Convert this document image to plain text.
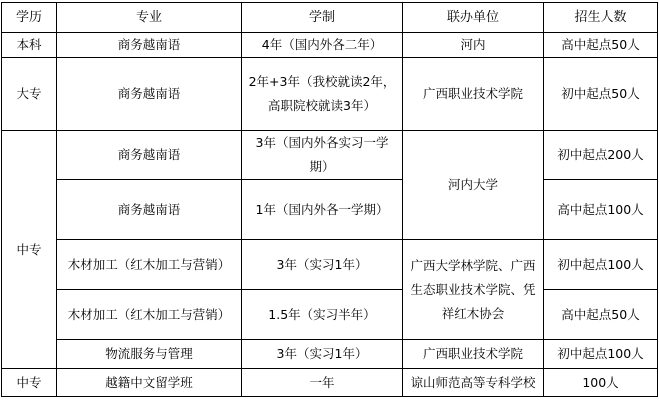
学历	专业	学制	联办单位	招生人数
本科	商务越南语	4年（国内外各二年）	河内	高中起点50人
大专	商务越南语	2年+3年（我校就读2年，高职院校就读3年）	广西职业技术学院	初中起点50人
中专	商务越南语	3年（国内外各实习一学期）	河内大学	初中起点200人
	商务越南语	1年（国内外各一学期）		高中起点100人
	木材加工（红木加工与营销）	3年（实习1年）	广西大学林学院、广西生态职业技术学院、凭祥红木协会	初中起点100人
	木材加工（红木加工与营销）	1.5年（实习半年）		高中起点50人
	物流服务与管理	3年（实习1年）	广西职业技术学院	初中起点100人
中专	越籍中文留学班	一年	谅山师范高等专科学校	100人
